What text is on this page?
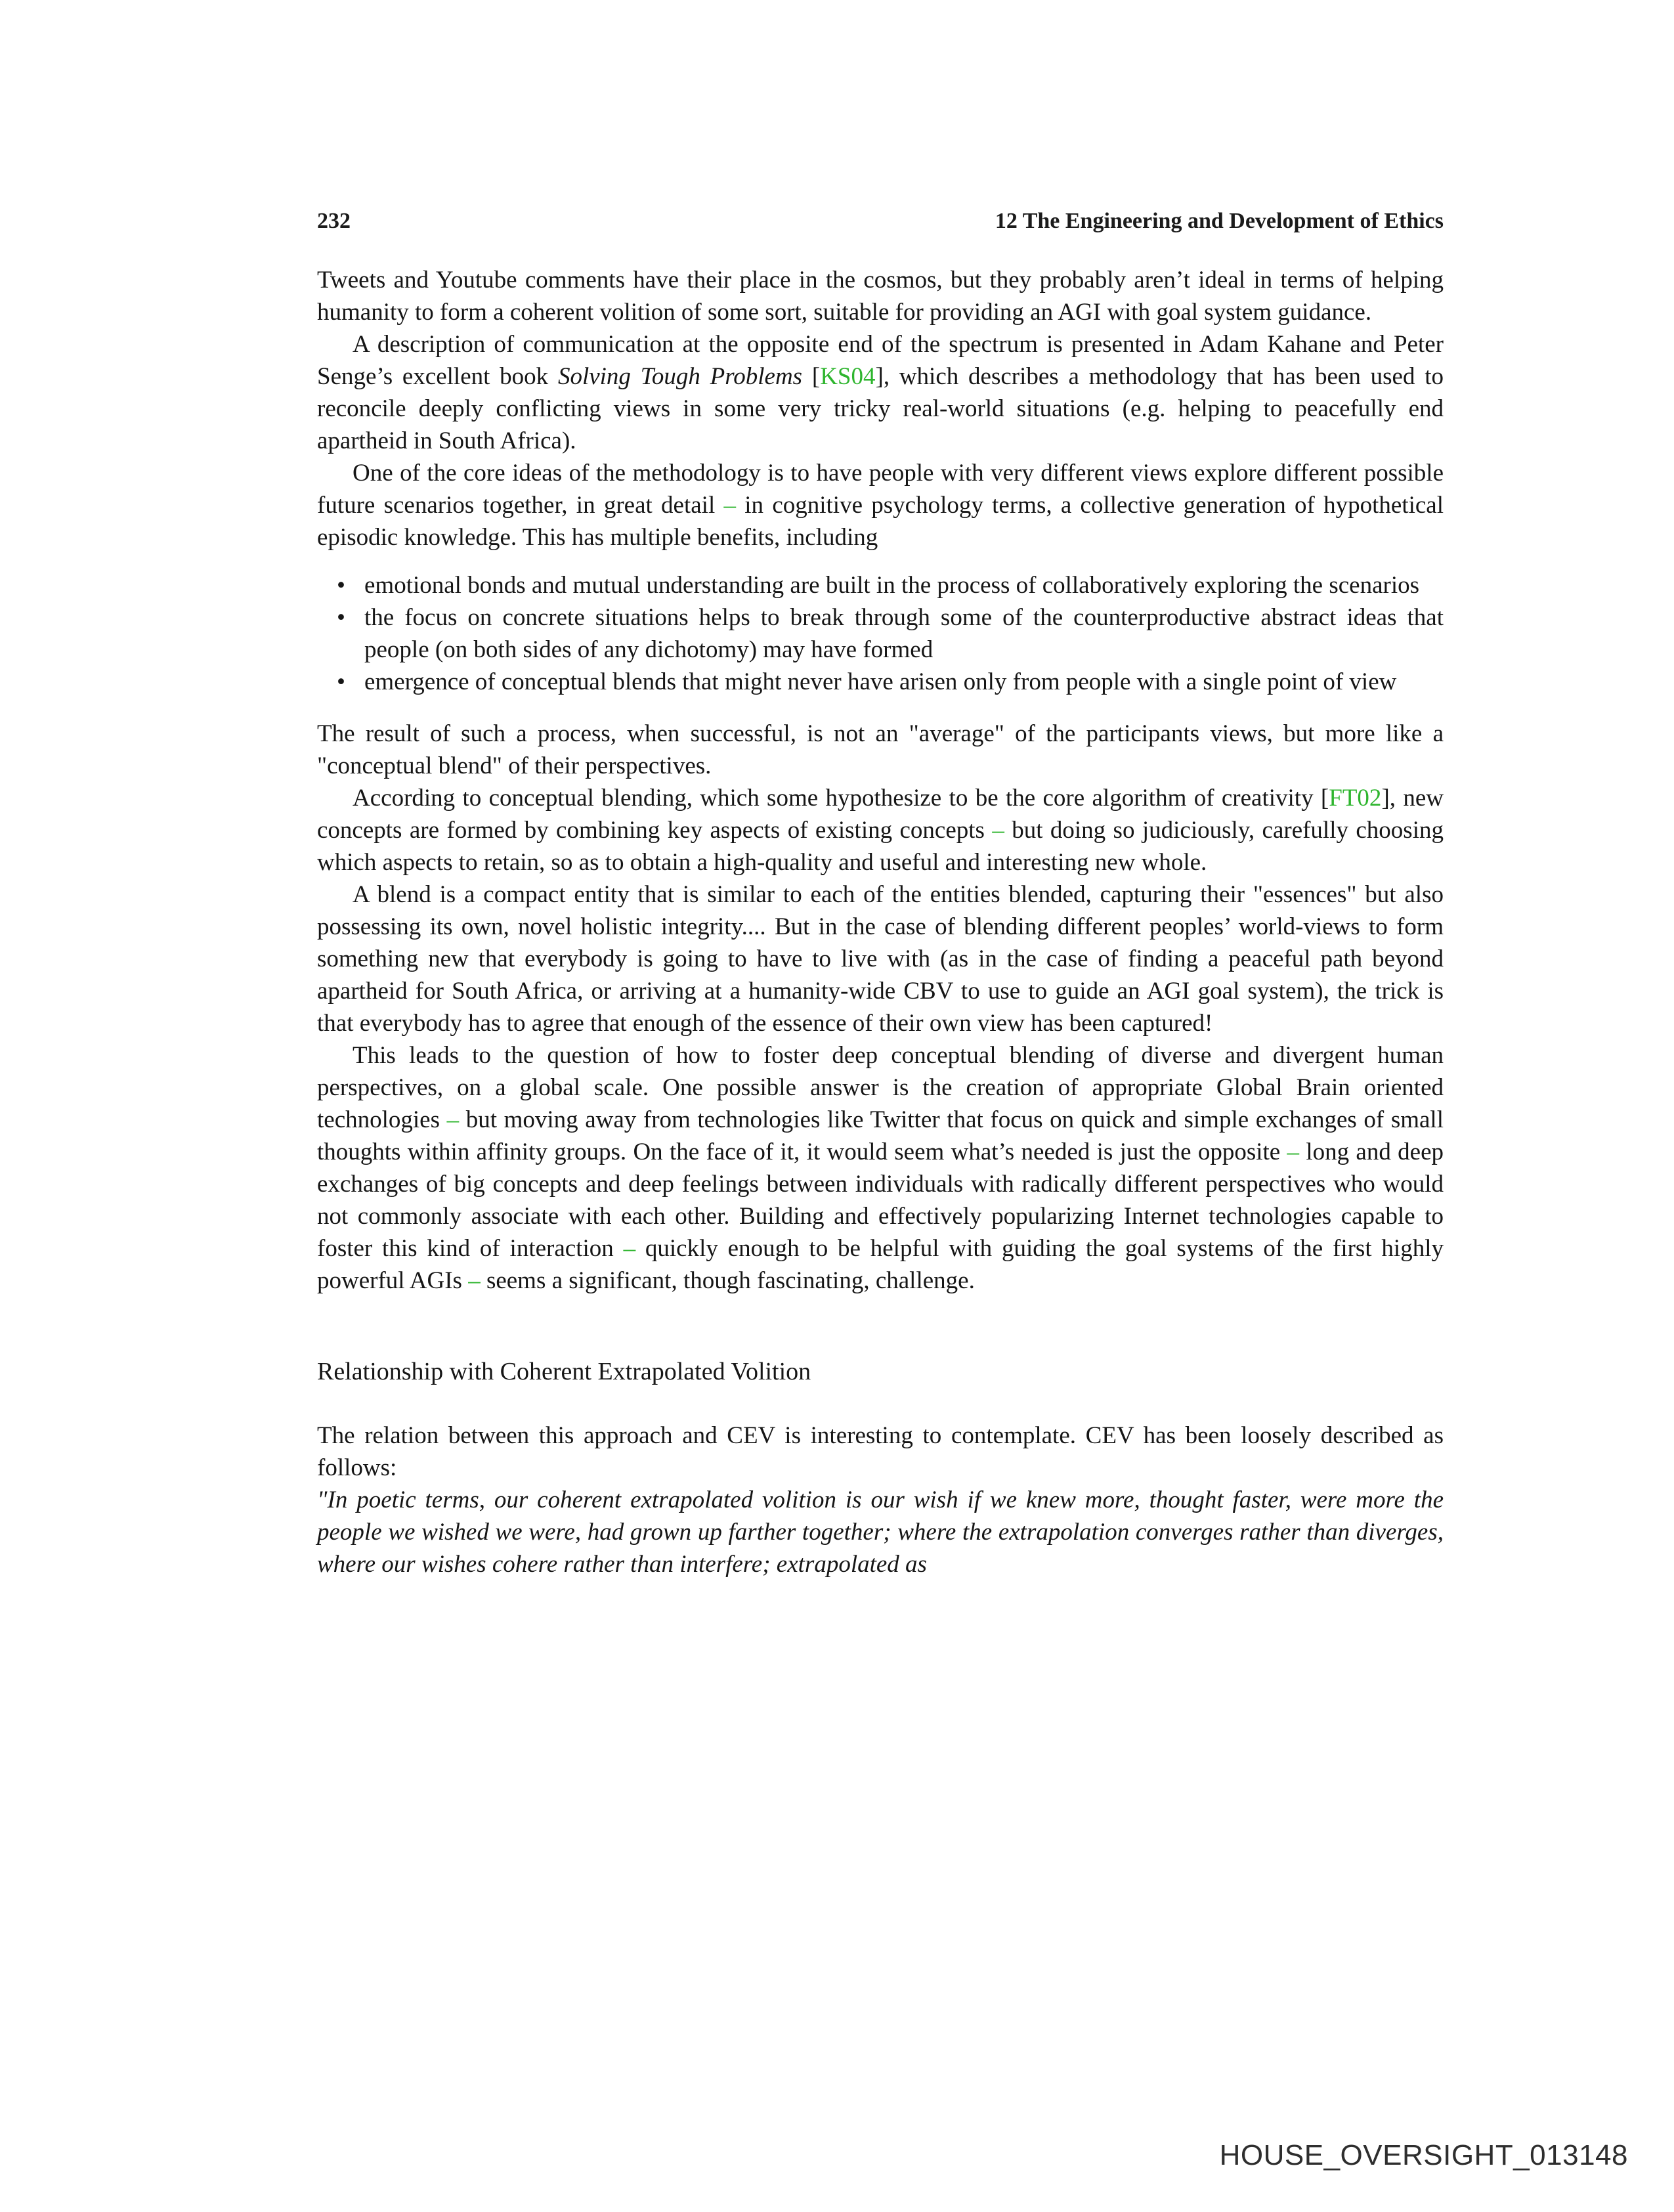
232	12 The Engineering and Development of Ethics

Tweets and Youtube comments have their place in the cosmos, but they probably aren’t ideal in terms of helping humanity to form a coherent volition of some sort, suitable for providing an AGI with goal system guidance.

A description of communication at the opposite end of the spectrum is presented in Adam Kahane and Peter Senge’s excellent book Solving Tough Problems [KS04], which describes a methodology that has been used to reconcile deeply conflicting views in some very tricky real-world situations (e.g. helping to peacefully end apartheid in South Africa).

One of the core ideas of the methodology is to have people with very different views explore different possible future scenarios together, in great detail – in cognitive psychology terms, a collective generation of hypothetical episodic knowledge. This has multiple benefits, including

• emotional bonds and mutual understanding are built in the process of collaboratively exploring the scenarios
• the focus on concrete situations helps to break through some of the counterproductive abstract ideas that people (on both sides of any dichotomy) may have formed
• emergence of conceptual blends that might never have arisen only from people with a single point of view

The result of such a process, when successful, is not an "average" of the participants views, but more like a "conceptual blend" of their perspectives.

According to conceptual blending, which some hypothesize to be the core algorithm of creativity [FT02], new concepts are formed by combining key aspects of existing concepts – but doing so judiciously, carefully choosing which aspects to retain, so as to obtain a high-quality and useful and interesting new whole.

A blend is a compact entity that is similar to each of the entities blended, capturing their "essences" but also possessing its own, novel holistic integrity.... But in the case of blending different peoples’ world-views to form something new that everybody is going to have to live with (as in the case of finding a peaceful path beyond apartheid for South Africa, or arriving at a humanity-wide CBV to use to guide an AGI goal system), the trick is that everybody has to agree that enough of the essence of their own view has been captured!

This leads to the question of how to foster deep conceptual blending of diverse and divergent human perspectives, on a global scale. One possible answer is the creation of appropriate Global Brain oriented technologies – but moving away from technologies like Twitter that focus on quick and simple exchanges of small thoughts within affinity groups. On the face of it, it would seem what’s needed is just the opposite – long and deep exchanges of big concepts and deep feelings between individuals with radically different perspectives who would not commonly associate with each other. Building and effectively popularizing Internet technologies capable to foster this kind of interaction – quickly enough to be helpful with guiding the goal systems of the first highly powerful AGIs – seems a significant, though fascinating, challenge.

Relationship with Coherent Extrapolated Volition

The relation between this approach and CEV is interesting to contemplate. CEV has been loosely described as follows:

"In poetic terms, our coherent extrapolated volition is our wish if we knew more, thought faster, were more the people we wished we were, had grown up farther together; where the extrapolation converges rather than diverges, where our wishes cohere rather than interfere; extrapolated as

HOUSE_OVERSIGHT_013148
